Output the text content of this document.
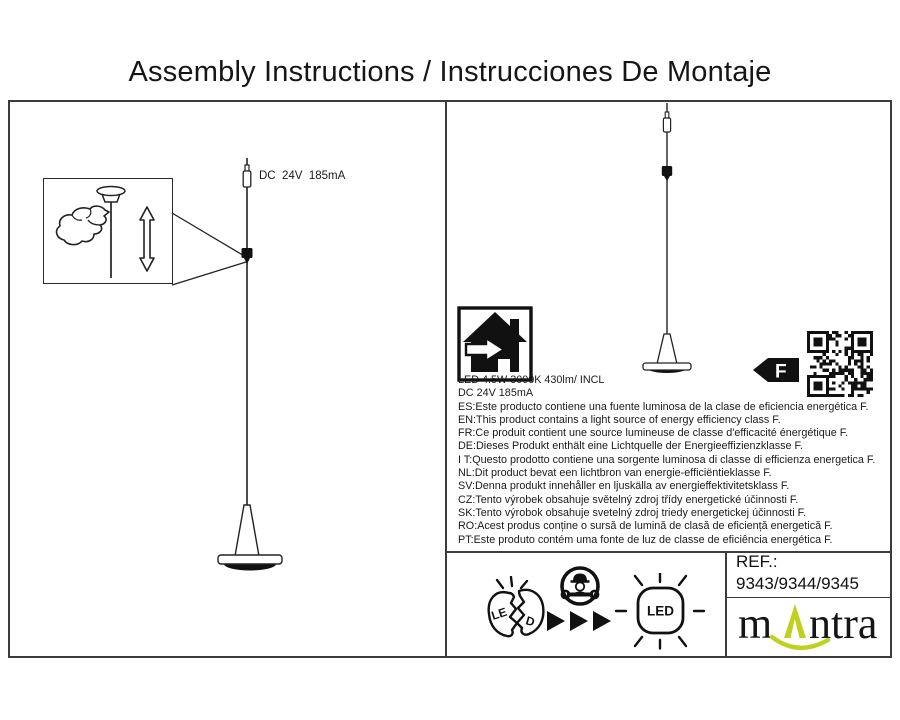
Assembly Instructions / Instrucciones De Montaje
DC  24V  185mA
F
LED 4.5W 3000K 430lm/ INCL
DC 24V 185mA
ES:Este producto contiene una fuente luminosa de la clase de eficiencia energética F.
EN:This product contains a light source of energy efficiency class F.
FR:Ce produit contient une source lumineuse de classe d'efficacité énergétique F.
DE:Dieses Produkt enthält eine Lichtquelle der Energieeffizienzklasse F.
I T:Questo prodotto contiene una sorgente luminosa di classe di efficienza energetica F.
NL:Dit product bevat een lichtbron van energie-efficiëntieklasse F.
SV:Denna produkt innehåller en ljuskälla av energieffektivitetsklass F.
CZ:Tento výrobek obsahuje světelný zdroj třídy energetické účinnosti F.
SK:Tento výrobok obsahuje svetelný zdroj triedy energetickej účinnosti F.
RO:Acest produs conține o sursă de lumină de clasă de eficiență energetică F.
PT:Este produto contém uma fonte de luz de classe de eficiência energética F.
LE D
LED
REF.:
9343/9344/9345
m ntra
